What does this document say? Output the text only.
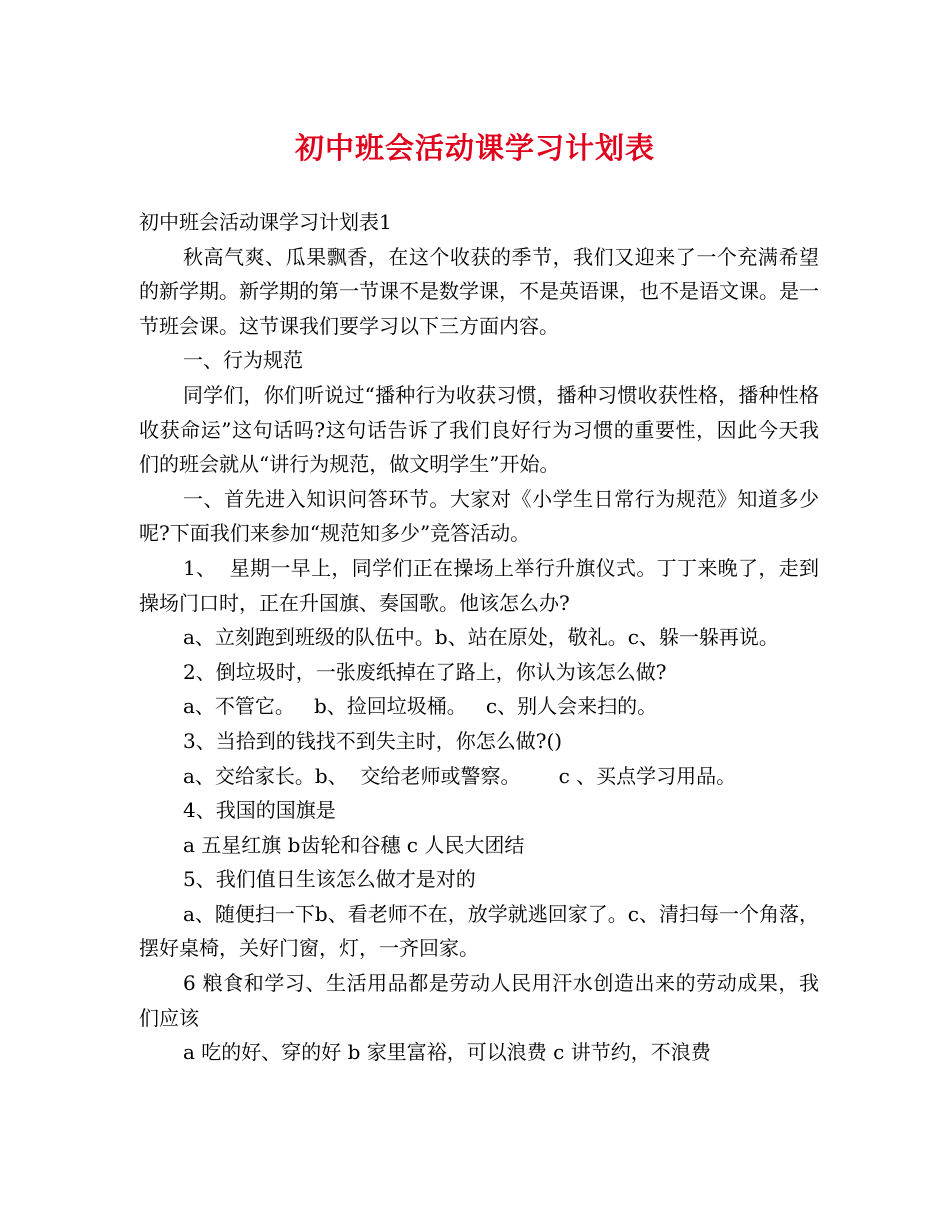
初中班会活动课学习计划表

初中班会活动课学习计划表1

秋高气爽、瓜果飘香，在这个收获的季节，我们又迎来了一个充满希望的新学期。新学期的第一节课不是数学课，不是英语课，也不是语文课。是一节班会课。这节课我们要学习以下三方面内容。

一、行为规范

同学们，你们听说过“播种行为收获习惯，播种习惯收获性格，播种性格收获命运”这句话吗?这句话告诉了我们良好行为习惯的重要性，因此今天我们的班会就从“讲行为规范，做文明学生”开始。

一、首先进入知识问答环节。大家对《小学生日常行为规范》知道多少呢?下面我们来参加“规范知多少”竞答活动。

1、  星期一早上，同学们正在操场上举行升旗仪式。丁丁来晚了，走到操场门口时，正在升国旗、奏国歌。他该怎么办?

a、立刻跑到班级的队伍中。b、站在原处，敬礼。c、躲一躲再说。

2、倒垃圾时，一张废纸掉在了路上，你认为该怎么做?

a、不管它。   b、捡回垃圾桶。   c、别人会来扫的。

3、当拾到的钱找不到失主时，你怎么做?()

a、交给家长。b、  交给老师或警察。      c 、买点学习用品。

4、我国的国旗是

a 五星红旗 b齿轮和谷穗 c 人民大团结

5、我们值日生该怎么做才是对的

a、随便扫一下b、看老师不在，放学就逃回家了。c、清扫每一个角落，摆好桌椅，关好门窗，灯，一齐回家。

6 粮食和学习、生活用品都是劳动人民用汗水创造出来的劳动成果，我们应该

a 吃的好、穿的好 b 家里富裕，可以浪费 c 讲节约，不浪费
